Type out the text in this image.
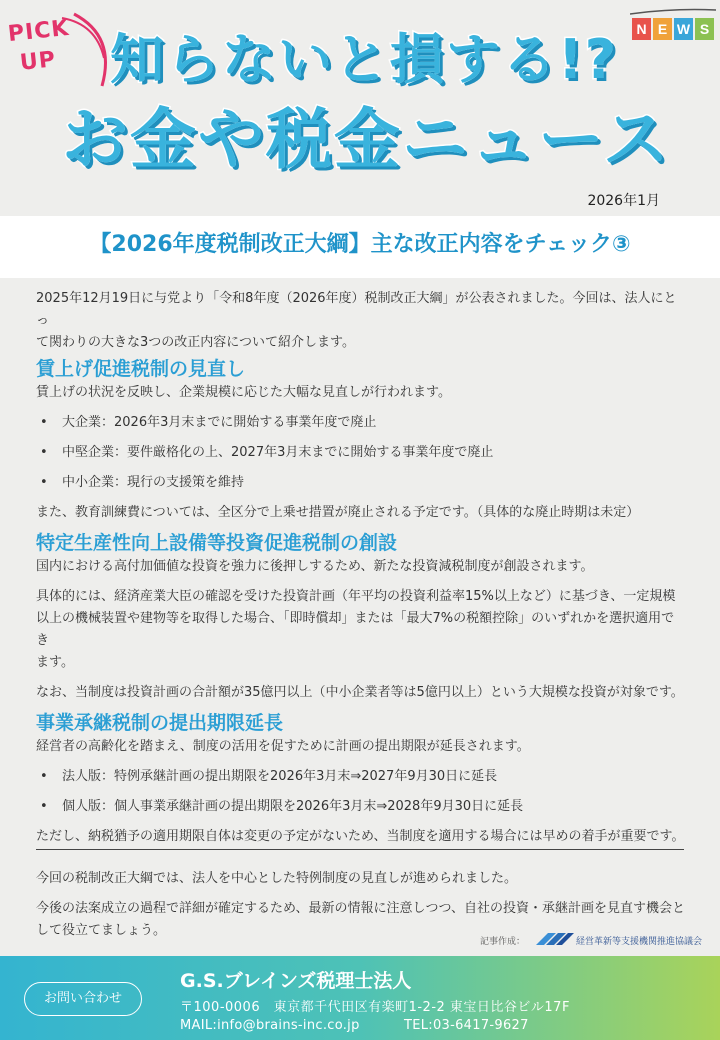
PICK
UP 知らないと損する!?
お金や税金ニュース
N E W S
2026年1月
【2026年度税制改正大綱】主な改正内容をチェック③
2025年12月19日に与党より「令和8年度（2026年度）税制改正大綱」が公表されました。今回は、法人にとっ
て関わりの大きな3つの改正内容について紹介します。
賃上げ促進税制の見直し
賃上げの状況を反映し、企業規模に応じた大幅な見直しが行われます。
• 大企業：2026年3月末までに開始する事業年度で廃止
• 中堅企業：要件厳格化の上、2027年3月末までに開始する事業年度で廃止
• 中小企業：現行の支援策を維持
また、教育訓練費については、全区分で上乗せ措置が廃止される予定です。（具体的な廃止時期は未定）
特定生産性向上設備等投資促進税制の創設
国内における高付加価値な投資を強力に後押しするため、新たな投資減税制度が創設されます。
具体的には、経済産業大臣の確認を受けた投資計画（年平均の投資利益率15%以上など）に基づき、一定規模
以上の機械装置や建物等を取得した場合、「即時償却」または「最大7%の税額控除」のいずれかを選択適用でき
ます。
なお、当制度は投資計画の合計額が35億円以上（中小企業者等は5億円以上）という大規模な投資が対象です。
事業承継税制の提出期限延長
経営者の高齢化を踏まえ、制度の活用を促すために計画の提出期限が延長されます。
• 法人版：特例承継計画の提出期限を2026年3月末⇒2027年9月30日に延長
• 個人版：個人事業承継計画の提出期限を2026年3月末⇒2028年9月30日に延長
ただし、納税猶予の適用期限自体は変更の予定がないため、当制度を適用する場合には早めの着手が重要です。
今回の税制改正大綱では、法人を中心とした特例制度の見直しが進められました。
今後の法案成立の過程で詳細が確定するため、最新の情報に注意しつつ、自社の投資・承継計画を見直す機会と
して役立てましょう。
記事作成：	経営革新等支援機関推進協議会
お問い合わせ
G.S.ブレインズ税理士法人
〒100-0006　東京都千代田区有楽町1-2-2 東宝日比谷ビル17F
MAIL:info@brains-inc.co.jp	TEL:03-6417-9627
